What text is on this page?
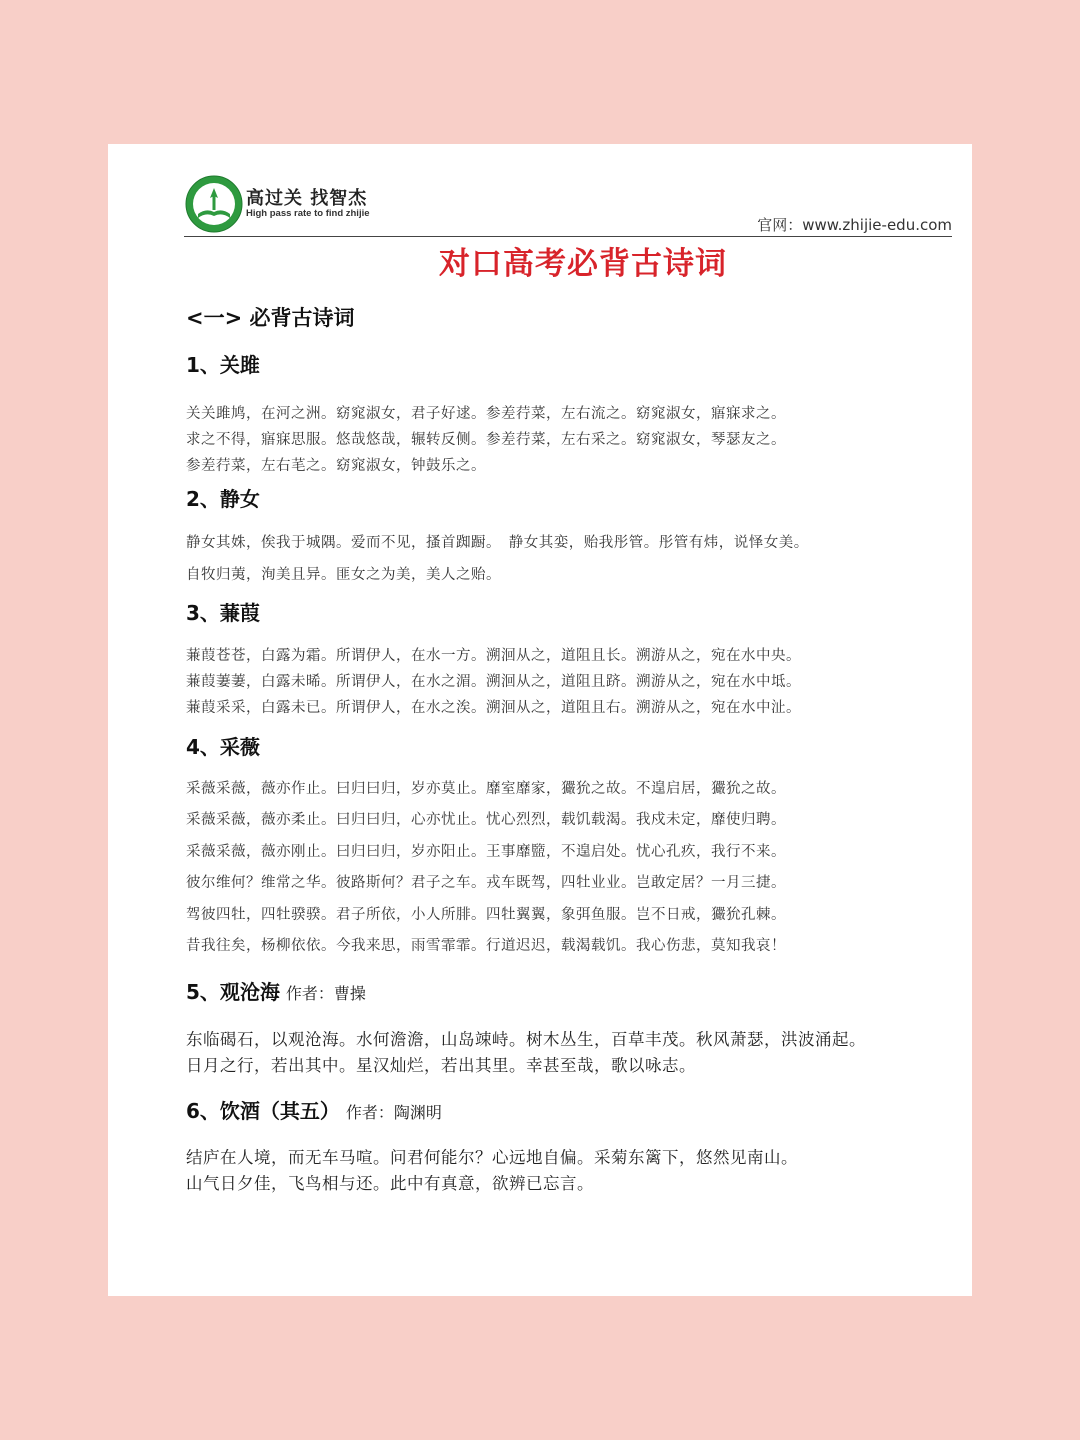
高过关 找智杰
High pass rate to find zhijie
官网：www.zhijie-edu.com
对口高考必背古诗词
<一> 必背古诗词
1、关雎
关关雎鸠，在河之洲。窈窕淑女，君子好逑。参差荇菜，左右流之。窈窕淑女，寤寐求之。
求之不得，寤寐思服。悠哉悠哉，辗转反侧。参差荇菜，左右采之。窈窕淑女，琴瑟友之。
参差荇菜，左右芼之。窈窕淑女，钟鼓乐之。
2、静女
静女其姝，俟我于城隅。爱而不见，搔首踟蹰。　静女其娈，贻我彤管。彤管有炜，说怿女美。
自牧归荑，洵美且异。匪女之为美，美人之贻。
3、蒹葭
蒹葭苍苍，白露为霜。所谓伊人，在水一方。溯洄从之，道阻且长。溯游从之，宛在水中央。
蒹葭萋萋，白露未晞。所谓伊人，在水之湄。溯洄从之，道阻且跻。溯游从之，宛在水中坻。
蒹葭采采，白露未已。所谓伊人，在水之涘。溯洄从之，道阻且右。溯游从之，宛在水中沚。
4、采薇
采薇采薇，薇亦作止。曰归曰归，岁亦莫止。靡室靡家，玁狁之故。不遑启居，玁狁之故。
采薇采薇，薇亦柔止。曰归曰归，心亦忧止。忧心烈烈，载饥载渴。我戍未定，靡使归聘。
采薇采薇，薇亦刚止。曰归曰归，岁亦阳止。王事靡盬，不遑启处。忧心孔疚，我行不来。
彼尔维何？维常之华。彼路斯何？君子之车。戎车既驾，四牡业业。岂敢定居？一月三捷。
驾彼四牡，四牡骙骙。君子所依，小人所腓。四牡翼翼，象弭鱼服。岂不日戒，玁狁孔棘。
昔我往矣，杨柳依依。今我来思，雨雪霏霏。行道迟迟，载渴载饥。我心伤悲，莫知我哀！
5、观沧海 作者：曹操
东临碣石，以观沧海。水何澹澹，山岛竦峙。树木丛生，百草丰茂。秋风萧瑟，洪波涌起。
日月之行，若出其中。星汉灿烂，若出其里。幸甚至哉，歌以咏志。
6、饮酒（其五） 作者：陶渊明
结庐在人境，而无车马喧。问君何能尔？心远地自偏。采菊东篱下，悠然见南山。
山气日夕佳，飞鸟相与还。此中有真意，欲辨已忘言。
